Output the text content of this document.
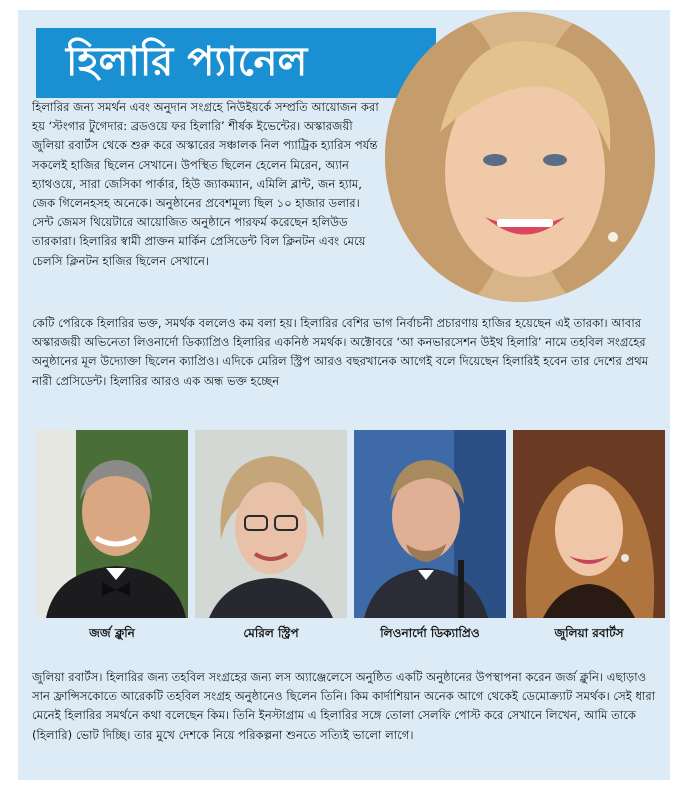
হিলারি প্যানেল

হিলারির জন্য সমর্থন এবং অনুদান সংগ্রহে নিউইয়র্কে সম্প্রতি আয়োজন করা হয় ‘স্টংগার টুগেদার: ব্রডওয়ে ফর হিলারি’ শীর্ষক ইভেন্টের। অস্কারজয়ী জুলিয়া রবার্টস থেকে শুরু করে অস্কারের সঞ্চালক নিল প্যাট্রিক হ্যারিস পর্যন্ত সকলেই হাজির ছিলেন সেখানে। উপস্থিত ছিলেন হেলেন মিরেন, অ্যান হ্যাথওয়ে, সারা জেসিকা পার্কার, হিউ জ্যাকম্যান, এমিলি ব্লান্ট, জন হ্যাম, জেক গিলেনহসহ অনেকে। অনুষ্ঠানের প্রবেশমূল্য ছিল ১০ হাজার ডলার। সেন্ট জেমস থিয়েটারে আয়োজিত অনুষ্ঠানে পারফর্ম করেছেন হলিউড তারকারা। হিলারির স্বামী প্রাক্তন মার্কিন প্রেসিডেন্ট বিল ক্লিনটন এবং মেয়ে চেলসি ক্লিনটন হাজির ছিলেন সেখানে।

কেটি পেরিকে হিলারির ভক্ত, সমর্থক বললেও কম বলা হয়। হিলারির বেশির ভাগ নির্বাচনী প্রচারণায় হাজির হয়েছেন এই তারকা। আবার অস্কারজয়ী অভিনেতা লিওনার্দো ডিক্যাপ্রিও হিলারির একনিষ্ঠ সমর্থক। অক্টোবরে ‘আ কনভারসেশন উইথ হিলারি’ নামে তহবিল সংগ্রহের অনুষ্ঠানের মূল উদ্যোক্তা ছিলেন ক্যাপ্রিও। এদিকে মেরিল স্ট্রিপ আরও বছরখানেক আগেই বলে দিয়েছেন হিলারিই হবেন তার দেশের প্রথম নারী প্রেসিডেন্ট। হিলারির আরও এক অন্ধ ভক্ত হচ্ছেন

জর্জ ক্লুনি	মেরিল স্ট্রিপ	লিওনার্দো ডিক্যাপ্রিও	জুলিয়া রবার্টস

জুলিয়া রবার্টস। হিলারির জন্য তহবিল সংগ্রহের জন্য লস অ্যাঞ্জেলেসে অনুষ্ঠিত একটি অনুষ্ঠানের উপস্থাপনা করেন জর্জ ক্লুনি। এছাড়াও সান ফ্রান্সিসকোতে আরেকটি তহবিল সংগ্রহ অনুষ্ঠানেও ছিলেন তিনি। কিম কার্দাশিয়ান অনেক আগে থেকেই ডেমোক্র্যাট সমর্থক। সেই ধারা মেনেই হিলারির সমর্থনে কথা বলেছেন কিম। তিনি ইনস্টাগ্রাম এ হিলারির সঙ্গে তোলা সেলফি পোস্ট করে সেখানে লিখেন, আমি তাকে (হিলারি) ভোট দিচ্ছি। তার মুখে দেশকে নিয়ে পরিকল্পনা শুনতে সত্যিই ভালো লাগে।
